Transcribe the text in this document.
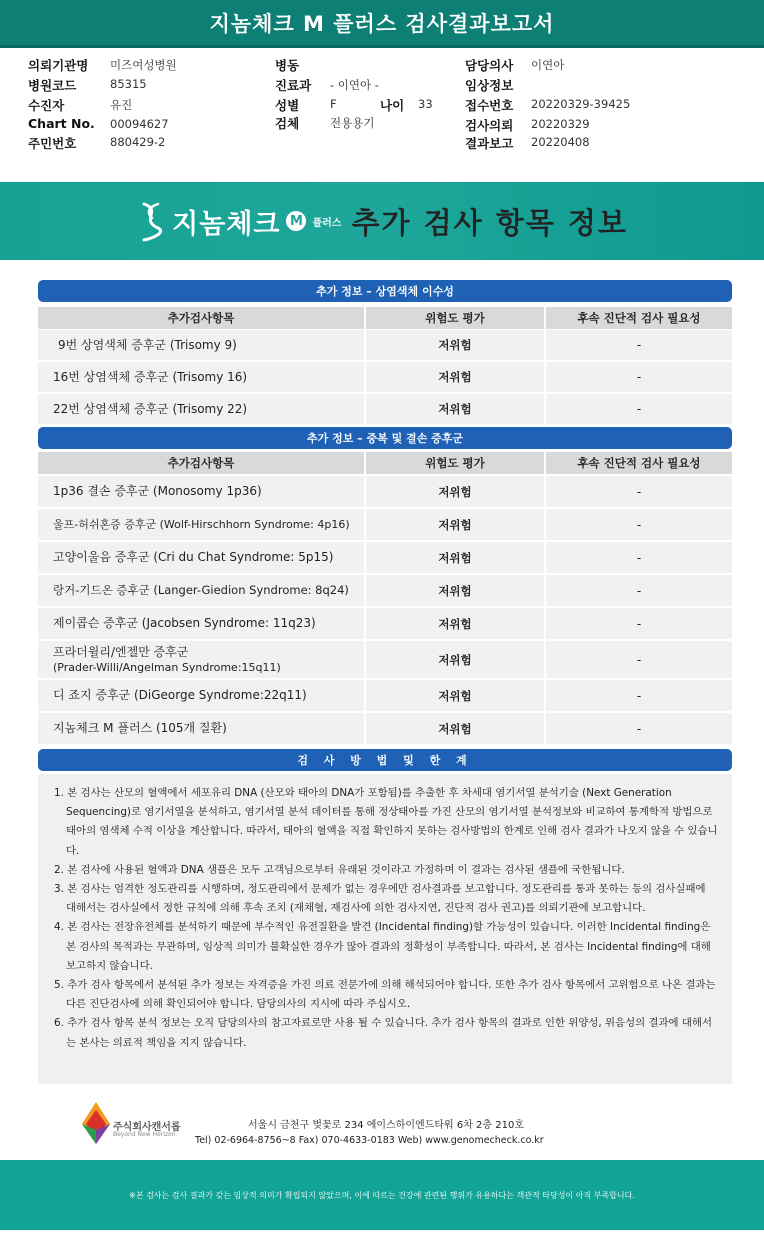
지놈체크 M 플러스 검사결과보고서
의뢰기관명 미즈여성병원
병원코드	85315
수진자	유진
Chart No. 00094627
주민번호	880429-2
병동
진료과 - 이연아 -
성별	F	나이 33
검체	전용용기
담당의사 이연아
임상정보
접수번호 20220329-39425
검사의뢰 20220329
결과보고 20220408
지놈체크 M 플러스 추가 검사 항목 정보
추가 정보 – 상염색체 이수성
추가검사항목	위험도 평가	후속 진단적 검사 필요성
9번 상염색체 증후군 (Trisomy 9)	저위험	-
16번 상염색체 증후군 (Trisomy 16)	저위험	-
22번 상염색체 증후군 (Trisomy 22)	저위험	-
추가 정보 – 중복 및 결손 증후군
추가검사항목	위험도 평가	후속 진단적 검사 필요성
1p36 결손 증후군 (Monosomy 1p36)	저위험	-
울프-허쉬혼증 증후군 (Wolf-Hirschhorn Syndrome: 4p16)	저위험	-
고양이울음 증후군 (Cri du Chat Syndrome: 5p15)	저위험	-
랑거-기드온 증후군 (Langer-Giedion Syndrome: 8q24)	저위험	-
제이콥슨 증후군 (Jacobsen Syndrome: 11q23)	저위험	-
프라더윌리/엔젤만 증후군
(Prader-Willi/Angelman Syndrome:15q11)
저위험	-
디 죠지 증후군 (DiGeorge Syndrome:22q11)	저위험	-
지놈체크 M 플러스 (105개 질환)	저위험	-
검 사 방 법 및 한 계
1. 본 검사는 산모의 혈액에서 세포유리 DNA (산모와 태아의 DNA가 포함됨)를 추출한 후 차세대 염기서열 분석기술 (Next Generation Sequencing)로 염기서열을 분석하고, 염기서열 분석 데이터를 통해 정상태아를 가진 산모의 염기서열 분석정보와 비교하여 통계학적 방법으로 태아의 염색체 수적 이상을 계산합니다. 따라서, 태아의 혈액을 직접 확인하지 못하는 검사방법의 한계로 인해 검사 결과가 나오지 않을 수 있습니다.
2. 본 검사에 사용된 혈액과 DNA 샘플은 모두 고객님으로부터 유래된 것이라고 가정하며 이 결과는 검사된 샘플에 국한됩니다.
3. 본 검사는 엄격한 정도관리를 시행하며, 정도관리에서 문제가 없는 경우에만 검사결과를 보고합니다. 정도관리를 통과 못하는 등의 검사실패에 대해서는 검사실에서 정한 규칙에 의해 후속 조치 (재채혈, 재검사에 의한 검사지연, 진단적 검사 권고)를 의뢰기관에 보고합니다.
4. 본 검사는 전장유전체를 분석하기 때문에 부수적인 유전질환을 발견 (Incidental finding)할 가능성이 있습니다. 이러한 Incidental finding은 본 검사의 목적과는 무관하며, 임상적 의미가 불확실한 경우가 많아 결과의 정확성이 부족합니다. 따라서, 본 검사는 Incidental finding에 대해 보고하지 않습니다.
5. 추가 검사 항목에서 분석된 추가 정보는 자격증을 가진 의료 전문가에 의해 해석되어야 합니다. 또한 추가 검사 항목에서 고위험으로 나온 결과는 다른 진단검사에 의해 확인되어야 합니다. 담당의사의 지시에 따라 주십시오.
6. 추가 검사 항목 분석 정보는 오직 담당의사의 참고자료로만 사용 될 수 있습니다. 추가 검사 항목의 결과로 인한 위양성, 위음성의 결과에 대해서는 본사는 의료적 책임을 지지 않습니다.
주식회사캔서롭
Beyond New Horizon
서울시 금천구 벚꽃로 234 에이스하이엔드타워 6차 2층 210호
Tel) 02-6964-8756~8 Fax) 070-4633-0183 Web) www.genomecheck.co.kr
※본 검사는 검사 결과가 갖는 임상적 의미가 확립되지 않았으며, 이에 따르는 건강에 관련된 행위가 유용하다는 객관적 타당성이 아직 부족합니다.
